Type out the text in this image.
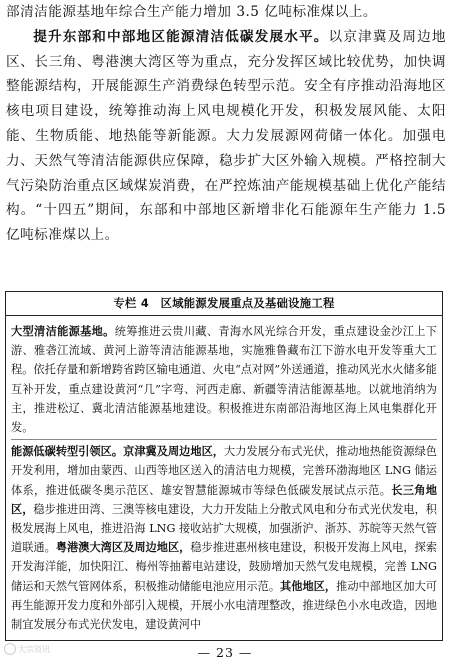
部清洁能源基地年综合生产能力增加 3.5 亿吨标准煤以上。

提升东部和中部地区能源清洁低碳发展水平。以京津冀及周边地区、长三角、粤港澳大湾区等为重点，充分发挥区域比较优势，加快调整能源结构，开展能源生产消费绿色转型示范。安全有序推动沿海地区核电项目建设，统筹推动海上风电规模化开发，积极发展风能、太阳能、生物质能、地热能等新能源。大力发展源网荷储一体化。加强电力、天然气等清洁能源供应保障，稳步扩大区外输入规模。严格控制大气污染防治重点区域煤炭消费，在严控炼油产能规模基础上优化产能结构。“十四五”期间，东部和中部地区新增非化石能源年生产能力 1.5 亿吨标准煤以上。

专栏 4　区域能源发展重点及基础设施工程

大型清洁能源基地。统筹推进云贵川藏、青海水风光综合开发，重点建设金沙江上下游、雅砻江流域、黄河上游等清洁能源基地，实施雅鲁藏布江下游水电开发等重大工程。依托存量和新增跨省跨区输电通道、火电“点对网”外送通道，推动风光水火储多能互补开发，重点建设黄河“几”字弯、河西走廊、新疆等清洁能源基地。以就地消纳为主，推进松辽、冀北清洁能源基地建设。积极推进东南部沿海地区海上风电集群化开发。

能源低碳转型引领区。京津冀及周边地区，大力发展分布式光伏，推动地热能资源绿色开发利用，增加由蒙西、山西等地区送入的清洁电力规模，完善环渤海地区 LNG 储运体系，推进低碳冬奥示范区、雄安智慧能源城市等绿色低碳发展试点示范。长三角地区，稳步推进田湾、三澳等核电建设，大力开发陆上分散式风电和分布式光伏发电，积极发展海上风电，推进沿海 LNG 接收站扩大规模，加强浙沪、浙苏、苏皖等天然气管道联通。粤港澳大湾区及周边地区，稳步推进惠州核电建设，积极开发海上风电，探索开发海洋能，加快阳江、梅州等抽蓄电站建设，鼓励增加天然气发电规模，完善 LNG 储运和天然气管网体系，积极推动储能电池应用示范。其他地区，推动中部地区加大可再生能源开发力度和外部引入规模，开展小水电清理整改，推进绿色小水电改造，因地制宜发展分布式光伏发电，建设黄河中

大宗资讯	— 23 —
